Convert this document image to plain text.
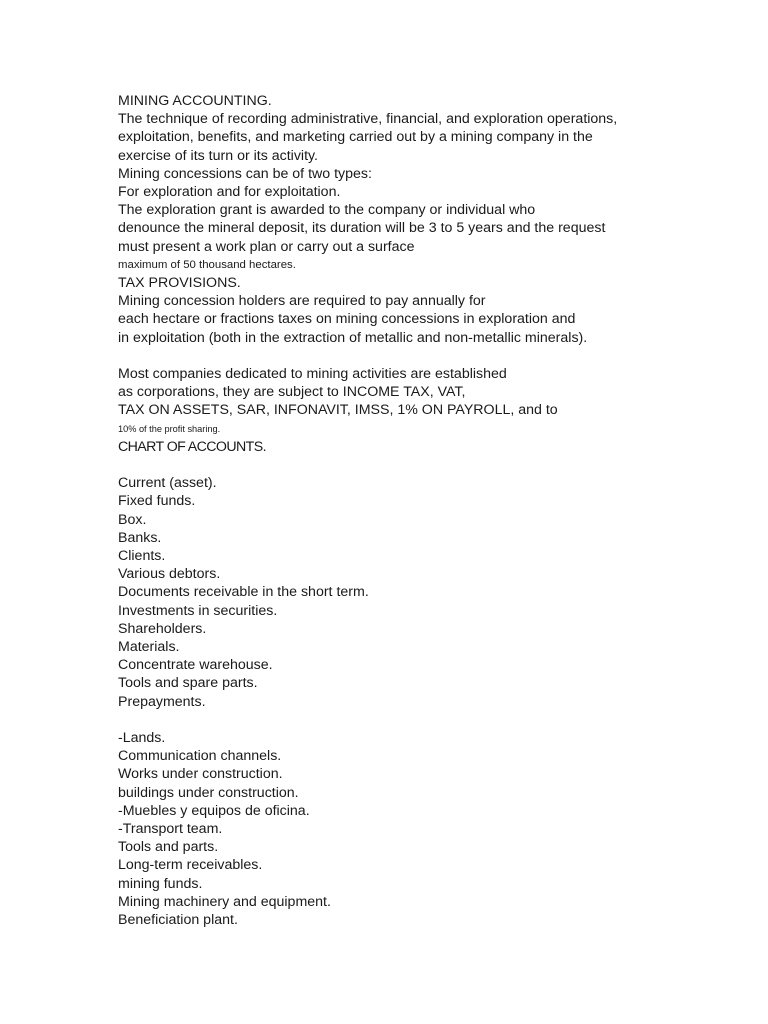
MINING ACCOUNTING.
The technique of recording administrative, financial, and exploration operations,
exploitation, benefits, and marketing carried out by a mining company in the
exercise of its turn or its activity.
Mining concessions can be of two types:
For exploration and for exploitation.
The exploration grant is awarded to the company or individual who
denounce the mineral deposit, its duration will be 3 to 5 years and the request
must present a work plan or carry out a surface
maximum of 50 thousand hectares.
TAX PROVISIONS.
Mining concession holders are required to pay annually for
each hectare or fractions taxes on mining concessions in exploration and
in exploitation (both in the extraction of metallic and non-metallic minerals).
Most companies dedicated to mining activities are established
as corporations, they are subject to INCOME TAX, VAT,
TAX ON ASSETS, SAR, INFONAVIT, IMSS, 1% ON PAYROLL, and to
10% of the profit sharing.
CHART OF ACCOUNTS.
Current (asset).
Fixed funds.
Box.
Banks.
Clients.
Various debtors.
Documents receivable in the short term.
Investments in securities.
Shareholders.
Materials.
Concentrate warehouse.
Tools and spare parts.
Prepayments.
-Lands.
Communication channels.
Works under construction.
buildings under construction.
-Muebles y equipos de oficina.
-Transport team.
Tools and parts.
Long-term receivables.
mining funds.
Mining machinery and equipment.
Beneficiation plant.
